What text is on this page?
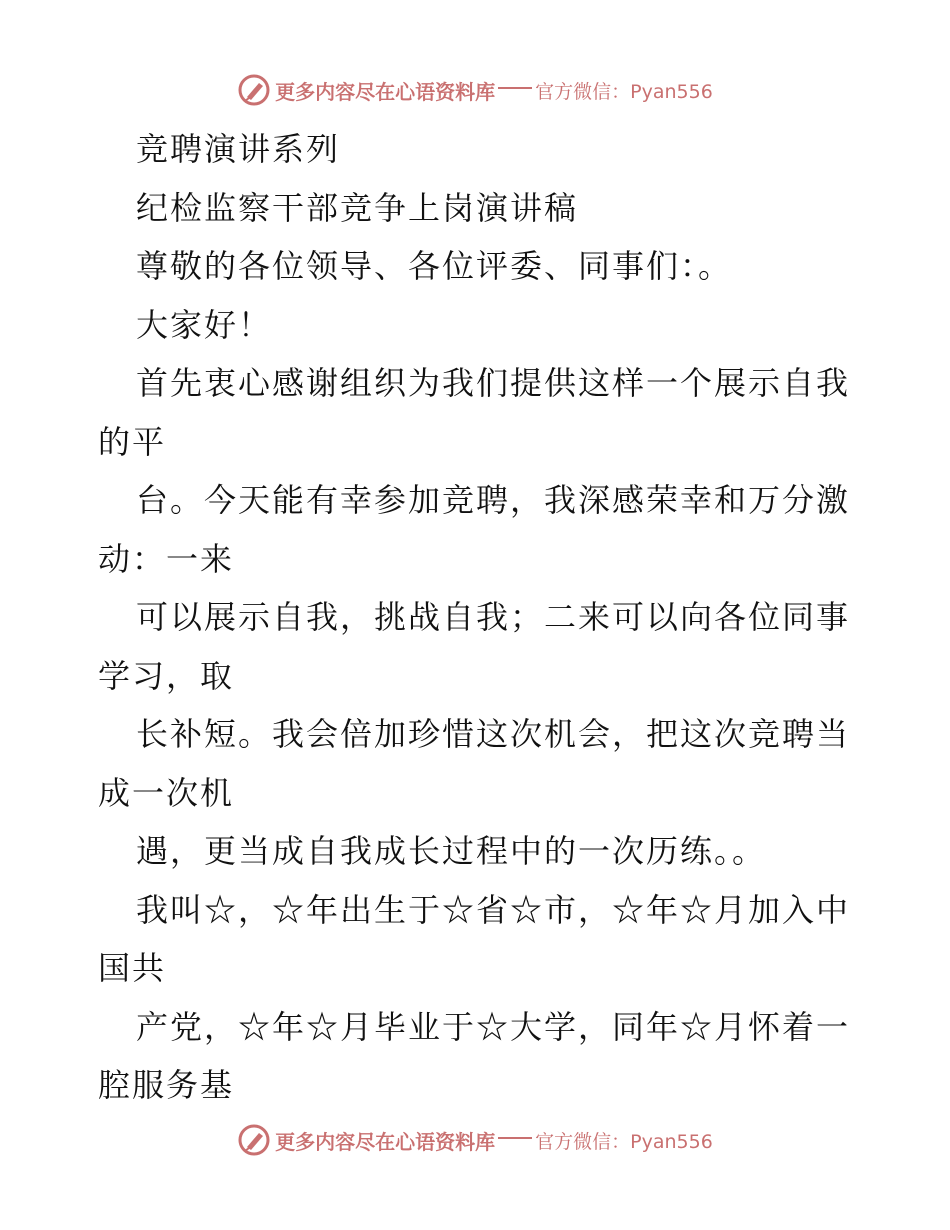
更多内容尽在心语资料库 官方微信：Pyan556
竞聘演讲系列
纪检监察干部竞争上岗演讲稿
尊敬的各位领导、各位评委、同事们：。
大家好！
首先衷心感谢组织为我们提供这样一个展示自我
的平
台。今天能有幸参加竞聘，我深感荣幸和万分激
动：一来
可以展示自我，挑战自我；二来可以向各位同事
学习，取
长补短。我会倍加珍惜这次机会，把这次竞聘当
成一次机
遇，更当成自我成长过程中的一次历练。。
我叫☆，☆年出生于☆省☆市，☆年☆月加入中
国共
产党，☆年☆月毕业于☆大学，同年☆月怀着一
腔服务基
更多内容尽在心语资料库 官方微信：Pyan556
